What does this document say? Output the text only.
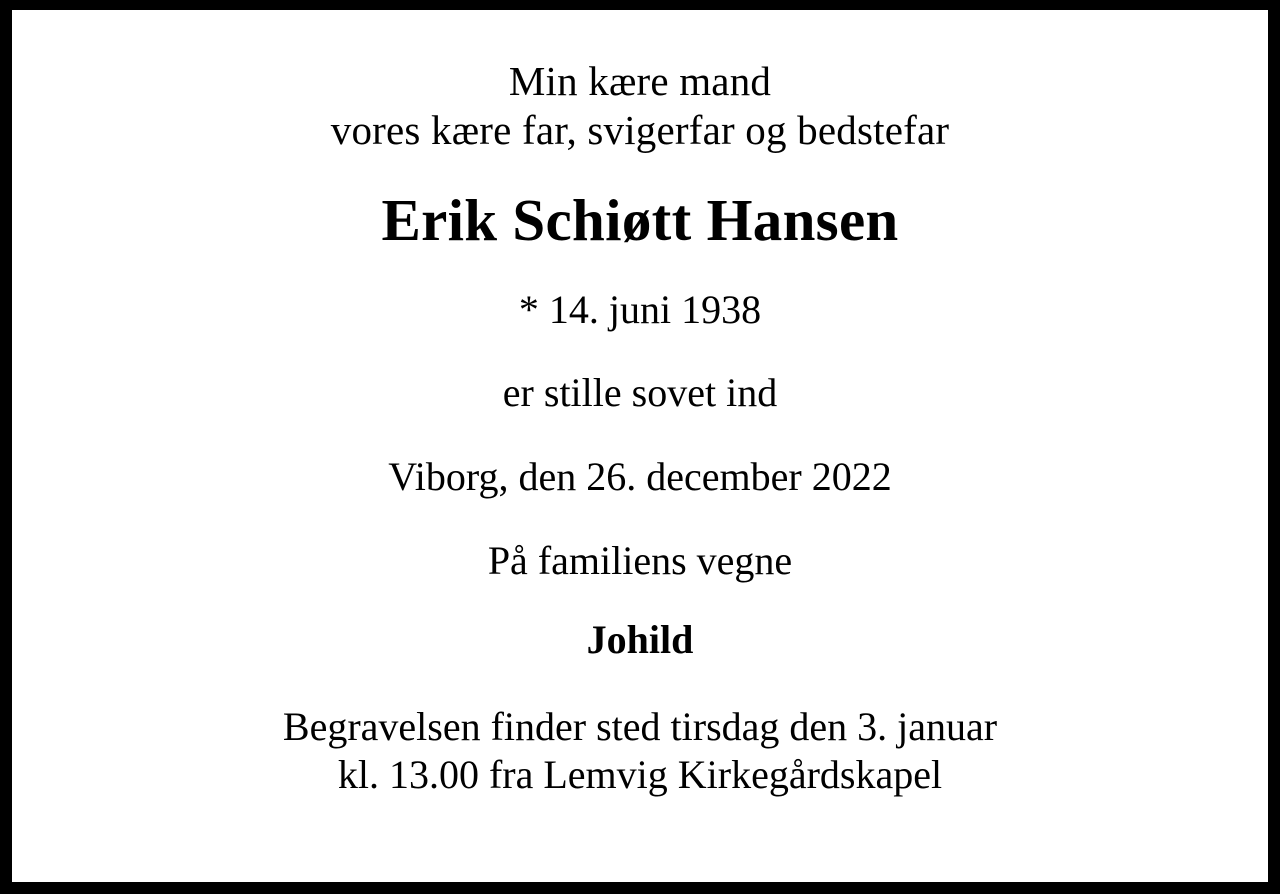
Min kære mand
vores kære far, svigerfar og bedstefar
Erik Schiøtt Hansen
* 14. juni 1938
er stille sovet ind
Viborg, den 26. december 2022
På familiens vegne
Johild
Begravelsen finder sted tirsdag den 3. januar
kl. 13.00 fra Lemvig Kirkegårdskapel
